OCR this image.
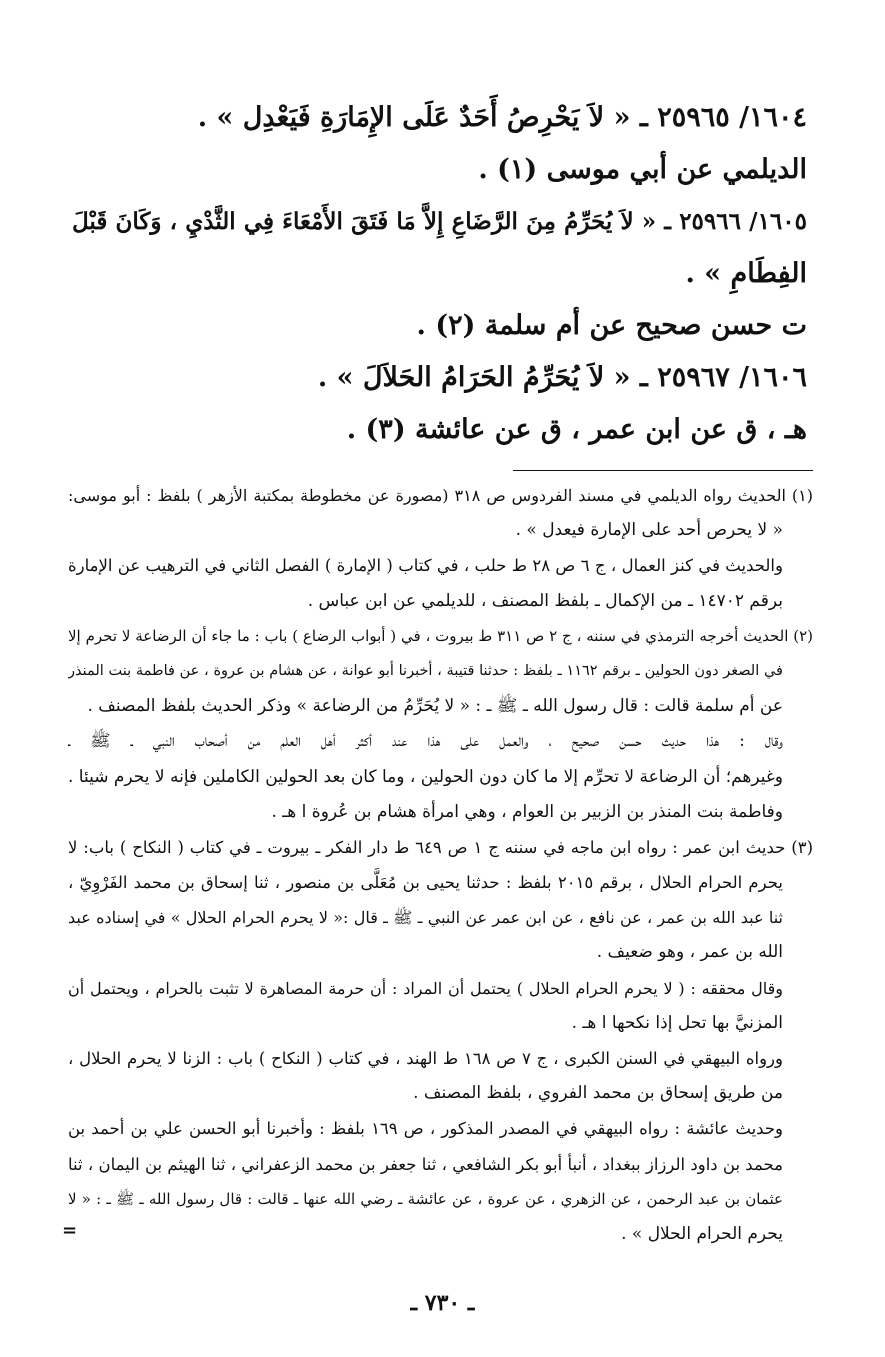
١٦٠٤/ ٢٥٩٦٥ ـ « لاَ يَحْرِصُ أَحَدٌ عَلَى الإِمَارَةِ فَيَعْدِل » .
الديلمي عن أبي موسى (١) .
١٦٠٥/ ٢٥٩٦٦ ـ « لاَ يُحَرِّمُ مِنَ الرَّضَاعِ إِلاَّ مَا فَتَقَ الأَمْعَاءَ فِي الثَّدْيِ ، وَكَانَ قَبْلَ
الفِطَامِ » .
ت حسن صحيح عن أم سلمة (٢) .
١٦٠٦/ ٢٥٩٦٧ ـ « لاَ يُحَرِّمُ الحَرَامُ الحَلاَلَ » .
هـ ، ق عن ابن عمر ، ق عن عائشة (٣) .
(١) الحديث رواه الديلمي في مسند الفردوس ص ٣١٨ (مصورة عن مخطوطة بمكتبة الأزهر ) بلفظ : أبو موسى:
« لا يحرص أحد على الإمارة فيعدل » .
والحديث في كنز العمال ، ج ٦ ص ٢٨ ط حلب ، في كتاب ( الإمارة ) الفصل الثاني في الترهيب عن الإمارة
برقم ١٤٧٠٢ ـ من الإكمال ـ بلفظ المصنف ، للديلمي عن ابن عباس .
(٢) الحديث أخرجه الترمذي في سننه ، ج ٢ ص ٣١١ ط بيروت ، في ( أبواب الرضاع ) باب : ما جاء أن الرضاعة لا تحرم إلا
في الصغر دون الحولين ـ برقم ١١٦٢ ـ بلفظ : حدثنا قتيبة ، أخبرنا أبو عوانة ، عن هشام بن عروة ، عن فاطمة بنت المنذر
عن أم سلمة قالت : قال رسول الله ـ ﷺ ـ : « لا يُحَرِّمُ من الرضاعة » وذكر الحديث بلفظ المصنف .
وقال : هذا حديث حسن صحيح ، والعمل على هذا عند أكثر أهل العلم من أصحاب النبي ـ ﷺ ـ
وغيرهم؛ أن الرضاعة لا تحرِّم إلا ما كان دون الحولين ، وما كان بعد الحولين الكاملين فإنه لا يحرم شيئا .
وفاطمة بنت المنذر بن الزبير بن العوام ، وهي امرأة هشام بن عُروة ا هـ .
(٣) حديث ابن عمر : رواه ابن ماجه في سننه ج ١ ص ٦٤٩ ط دار الفكر ـ بيروت ـ في كتاب ( النكاح ) باب: لا
يحرم الحرام الحلال ، برقم ٢٠١٥ بلفظ : حدثنا يحيى بن مُعَلَّى بن منصور ، ثنا إسحاق بن محمد الفَرْوِيّ ،
ثنا عبد الله بن عمر ، عن نافع ، عن ابن عمر عن النبي ـ ﷺ ـ قال :« لا يحرم الحرام الحلال » في إسناده عبد
الله بن عمر ، وهو ضعيف .
وقال محققه : ( لا يحرم الحرام الحلال ) يحتمل أن المراد : أن حرمة المصاهرة لا تثبت بالحرام ، ويحتمل أن
المزنيَّ بها تحل إذا نكحها ا هـ .
ورواه البيهقي في السنن الكبرى ، ج ٧ ص ١٦٨ ط الهند ، في كتاب ( النكاح ) باب : الزنا لا يحرم الحلال ،
من طريق إسحاق بن محمد الفروي ، بلفظ المصنف .
وحديث عائشة : رواه البيهقي في المصدر المذكور ، ص ١٦٩ بلفظ : وأخبرنا أبو الحسن علي بن أحمد بن
محمد بن داود الرزاز ببغداد ، أنبأ أبو بكر الشافعي ، ثنا جعفر بن محمد الزعفراني ، ثنا الهيثم بن اليمان ، ثنا
عثمان بن عبد الرحمن ، عن الزهري ، عن عروة ، عن عائشة ـ رضي الله عنها ـ قالت : قال رسول الله ـ ﷺ ـ : « لا
يحرم الحرام الحلال » .
=
ـ ٧٣٠ ـ
